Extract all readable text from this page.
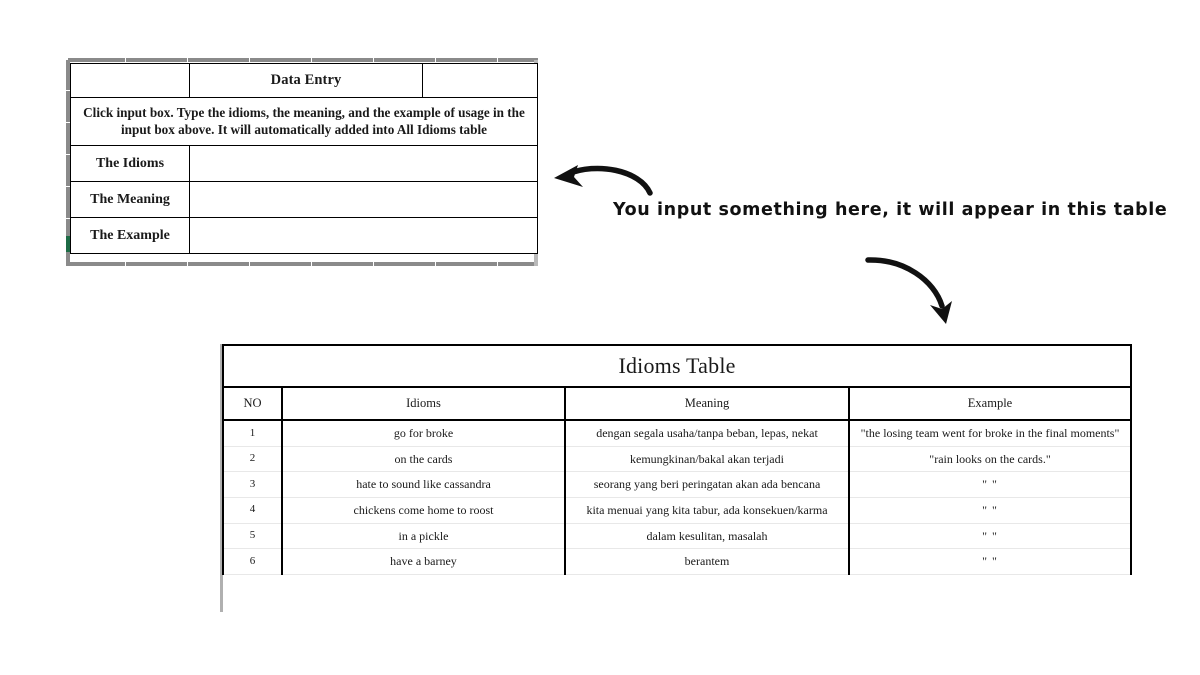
	Data Entry	
Click input box. Type the idioms, the meaning, and the example of usage in the input box above. It will automatically added into All Idioms table		
The Idioms	
The Meaning	
The Example	
You input something here, it will appear in this table
Idioms Table			
NO	Idioms	Meaning	Example
1	go for broke	dengan segala usaha/tanpa beban, lepas, nekat	"the losing team went for broke in the final moments"
2	on the cards	kemungkinan/bakal akan terjadi	"rain looks on the cards."
3	hate to sound like cassandra	seorang yang beri peringatan akan ada bencana	" "
4	chickens come home to roost	kita menuai yang kita tabur, ada konsekuen/karma	" "
5	in a pickle	dalam kesulitan, masalah	" "
6	have a barney	berantem	" "
